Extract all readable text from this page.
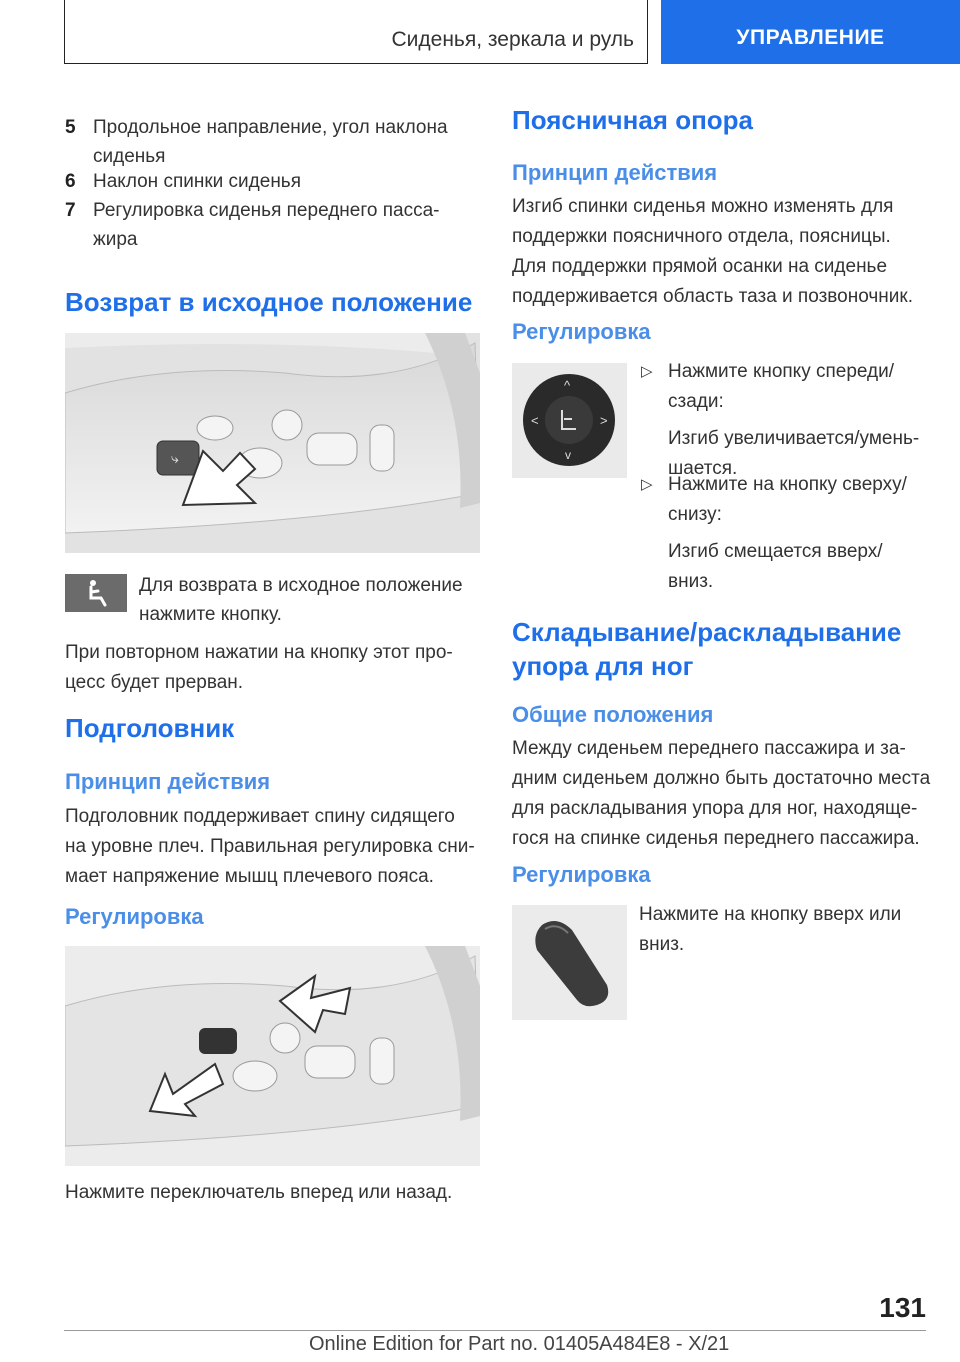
Сиденья, зеркала и руль	УПРАВЛЕНИЕ
5 Продольное направление, угол наклона сиденья
6 Наклон спинки сиденья
7 Регулировка сиденья переднего пасса-жира
Возврат в исходное положение
⤷

Для возврата в исходное положение нажмите кнопку.

При повторном нажатии на кнопку этот про-цесс будет прерван.

Подголовник
Принцип действия

Подголовник поддерживает спину сидящего на уровне плеч. Правильная регулировка сни-мает напряжение мышц плечевого пояса.

Регулировка

Нажмите переключатель вперед или назад.

Поясничная опора
Принцип действия

Изгиб спинки сиденья можно изменять для поддержки поясничного отдела, поясницы. Для поддержки прямой осанки на сиденье поддерживается область таза и позвоночник.

Регулировка
^
v
<	>
▷ Нажмите кнопку спереди/ сзади:
Изгиб увеличивается/умень-шается.
▷ Нажмите на кнопку сверху/ снизу:
Изгиб смещается вверх/ вниз.
Складывание/раскладывание упора для ног
Общие положения

Между сиденьем переднего пассажира и за-дним сиденьем должно быть достаточно места для раскладывания упора для ног, находяще-гося на спинке сиденья переднего пассажира.

Регулировка

Нажмите на кнопку вверх или вниз.

131
Online Edition for Part no. 01405A484E8 - X/21
